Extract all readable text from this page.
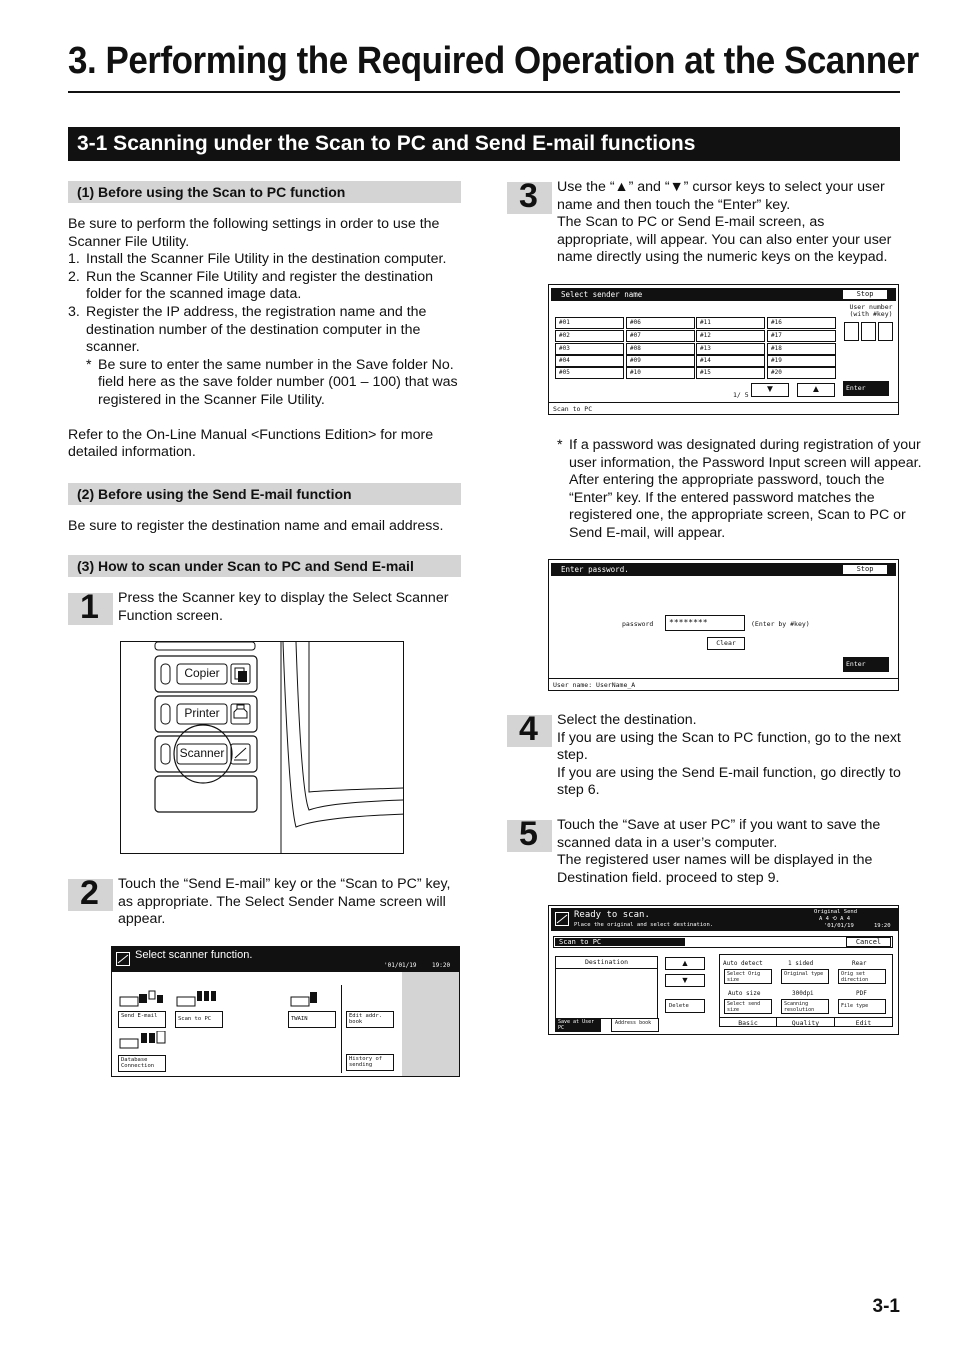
3. Performing the Required Operation at the Scanner
3-1 Scanning under the Scan to PC and Send E-mail functions
(1) Before using the Scan to PC function

Be sure to perform the following settings in order to use the Scanner File Utility.

1. Install the Scanner File Utility in the destination computer.
2. Run the Scanner File Utility and register the destination folder for the scanned image data.
3. Register the IP address, the registration name and the destination number of the destination computer in the scanner.
* Be sure to enter the same number in the Save folder No. field here as the save folder number (001 – 100) that was registered in the Scanner File Utility.

Refer to the On-Line Manual <Functions Edition> for more detailed information.

(2) Before using the Send E-mail function
Be sure to register the destination name and email address.
(3) How to scan under Scan to PC and Send E-mail
1 Press the Scanner key to display the Select Scanner Function screen.
Copier
Printer
Scanner
2 Touch the “Send E-mail” key or the “Scan to PC” key, as appropriate. The Select Sender Name screen will appear.
Select scanner function.
'01/01/19	19:20
Send E-mail	Scan to PC	TWAIN	Edit addr. book
Database Connection
History of sending
3 Use the “▲” and “▼” cursor keys to select your user name and then touch the “Enter” key.
The Scan to PC or Send E-mail screen, as appropriate, will appear. You can also enter your user name directly using the numeric keys on the keypad.
Select sender name	Stop
User number (with #key)
1/ 5	▼	▲	Enter
Scan to PC
#01	#06	#11	#16
#02	#07	#12	#17
#03	#08	#13	#18
#04	#09	#14	#19
#05	#10	#15	#20
* If a password was designated during registration of your user information, the Password Input screen will appear. After entering the appropriate password, touch the “Enter” key. If the entered password matches the registered one, the appropriate screen, Scan to PC or Send E-mail, will appear.
Enter password.	Stop
password	********	(Enter by #key)
Clear
Enter
User name: UserName_A
4 Select the destination.
If you are using the Scan to PC function, go to the next step.
If you are using the Send E-mail function, go directly to step 6.
5 Touch the “Save at user PC” if you want to save the scanned data in a user’s computer.
The registered user names will be displayed in the Destination field. proceed to step 9.
Ready to scan.
Place the original and select destination.
Original Send
A 4 ⟲ A 4
'01/01/19	19:20
Scan to PC	Cancel
Destination	▲
▼
Delete
Save at User PC
Address book
Auto detect	1 sided	Rear
Select Orig size
Original type	Orig set direction
Auto size	300dpi	PDF
Select send size
Scanning resolution
File type
Basic	Quality	Edit
3-1
